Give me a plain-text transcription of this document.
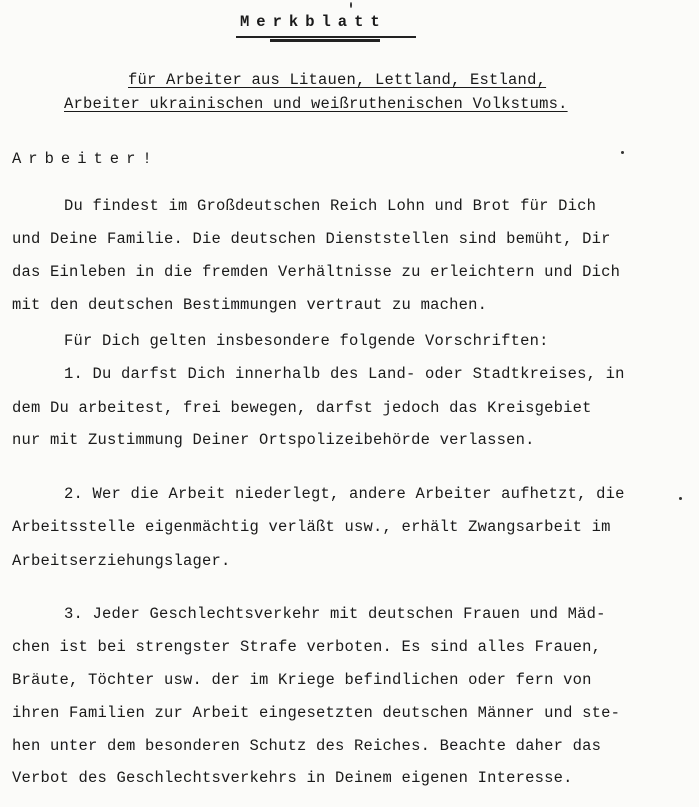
Merkblatt
für Arbeiter aus Litauen, Lettland, Estland,
Arbeiter ukrainischen und weißruthenischen Volkstums.
Arbeiter!
Du findest im Großdeutschen Reich Lohn und Brot für Dich
und Deine Familie. Die deutschen Dienststellen sind bemüht, Dir
das Einleben in die fremden Verhältnisse zu erleichtern und Dich
mit den deutschen Bestimmungen vertraut zu machen.
Für Dich gelten insbesondere folgende Vorschriften:
1. Du darfst Dich innerhalb des Land- oder Stadtkreises, in
dem Du arbeitest, frei bewegen, darfst jedoch das Kreisgebiet
nur mit Zustimmung Deiner Ortspolizeibehörde verlassen.
2. Wer die Arbeit niederlegt, andere Arbeiter aufhetzt, die
Arbeitsstelle eigenmächtig verläßt usw., erhält Zwangsarbeit im
Arbeitserziehungslager.
3. Jeder Geschlechtsverkehr mit deutschen Frauen und Mäd-
chen ist bei strengster Strafe verboten. Es sind alles Frauen,
Bräute, Töchter usw. der im Kriege befindlichen oder fern von
ihren Familien zur Arbeit eingesetzten deutschen Männer und ste-
hen unter dem besonderen Schutz des Reiches. Beachte daher das
Verbot des Geschlechtsverkehrs in Deinem eigenen Interesse.
